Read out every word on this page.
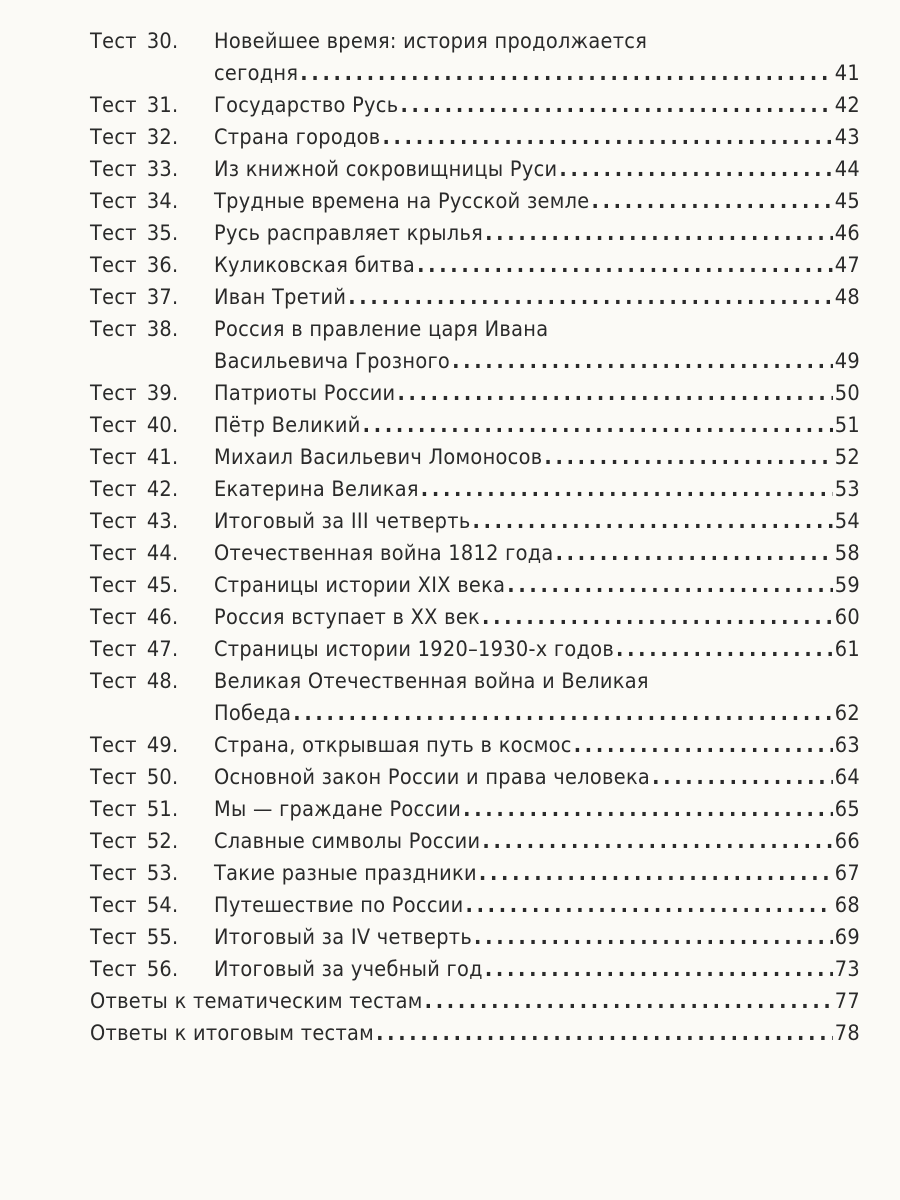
Тест 30.	Новейшее время: история продолжается
сегодня . . .	41
Тест 31.	Государство Русь . . .	42
Тест 32.	Страна городов . . .	43
Тест 33.	Из книжной сокровищницы Руси . . .	44
Тест 34.	Трудные времена на Русской земле . . .	45
Тест 35.	Русь расправляет крылья . . .	46
Тест 36.	Куликовская битва . . .	47
Тест 37.	Иван Третий . . .	48
Тест 38.	Россия в правление царя Ивана
Васильевича Грозного . . .	49
Тест 39.	Патриоты России . . .	50
Тест 40.	Пётр Великий . . .	51
Тест 41.	Михаил Васильевич Ломоносов . . .	52
Тест 42.	Екатерина Великая . . .	53
Тест 43.	Итоговый за III четверть . . .	54
Тест 44.	Отечественная война 1812 года . . .	58
Тест 45.	Страницы истории XIX века . . .	59
Тест 46.	Россия вступает в XX век . . .	60
Тест 47.	Страницы истории 1920–1930-х годов . . .	61
Тест 48.	Великая Отечественная война и Великая
Победа . . .	62
Тест 49.	Страна, открывшая путь в космос . . .	63
Тест 50.	Основной закон России и права человека . . .	64
Тест 51.	Мы — граждане России . . .	65
Тест 52.	Славные символы России . . .	66
Тест 53.	Такие разные праздники . . .	67
Тест 54.	Путешествие по России . . .	68
Тест 55.	Итоговый за IV четверть . . .	69
Тест 56.	Итоговый за учебный год . . .	73
Ответы к тематическим тестам . . .	77
Ответы к итоговым тестам . . .	78
